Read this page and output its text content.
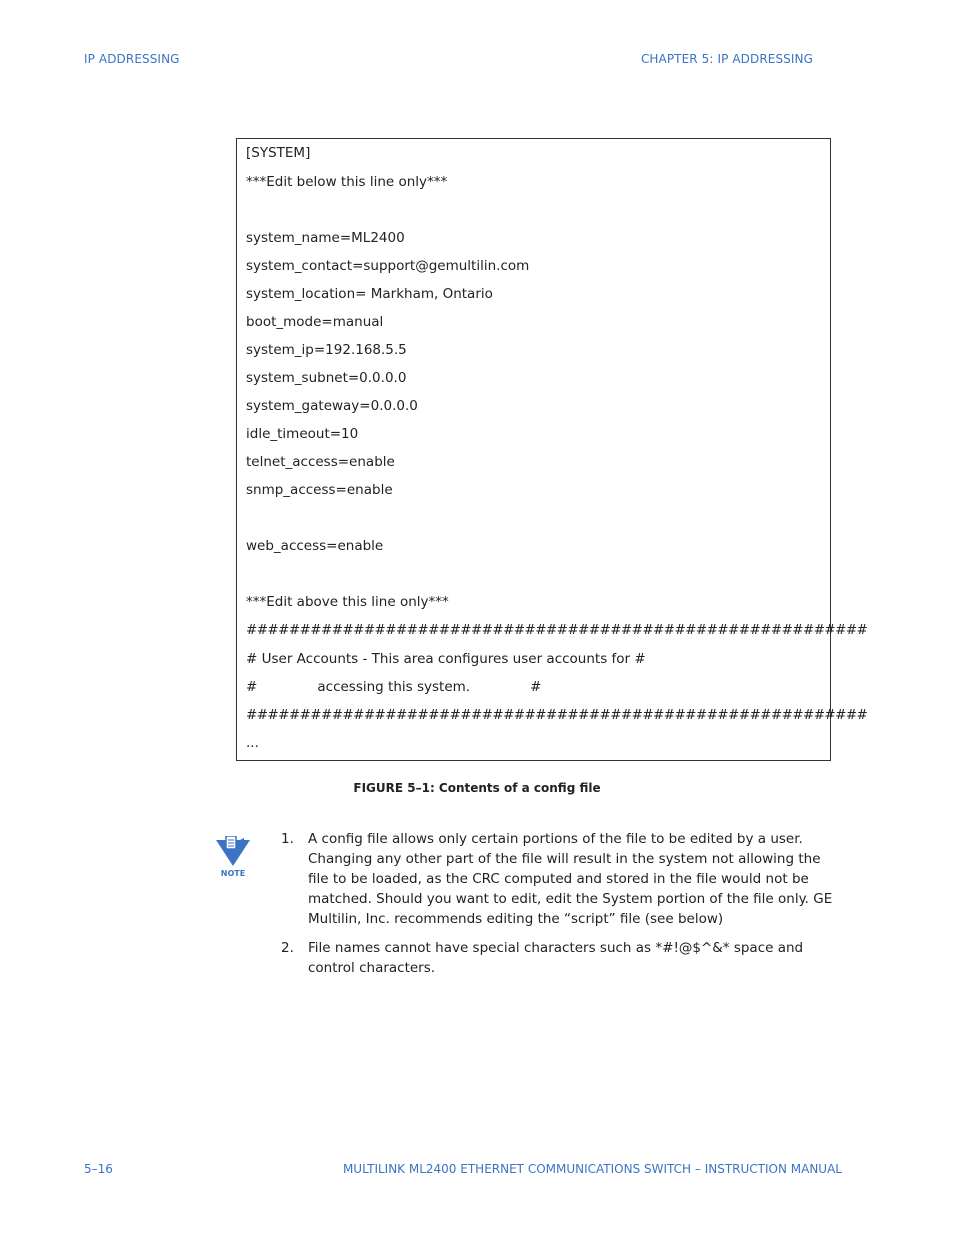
IP ADDRESSING	CHAPTER 5: IP ADDRESSING
[SYSTEM]
***Edit below this line only***
system_name=ML2400
system_contact=support@gemultilin.com
system_location= Markham, Ontario
boot_mode=manual
system_ip=192.168.5.5
system_subnet=0.0.0.0
system_gateway=0.0.0.0
idle_timeout=10
telnet_access=enable
snmp_access=enable
web_access=enable
***Edit above this line only***
##########################################################
# User Accounts - This area configures user accounts for #
#              accessing this system.              #
##########################################################
...
FIGURE 5–1: Contents of a config file
NOTE
1. A config file allows only certain portions of the file to be edited by a user. Changing any other part of the file will result in the system not allowing the file to be loaded, as the CRC computed and stored in the file would not be matched. Should you want to edit, edit the System portion of the file only. GE Multilin, Inc. recommends editing the “script” file (see below)
2. File names cannot have special characters such as *#!@$^&* space and control characters.
5–16	MULTILINK ML2400 ETHERNET COMMUNICATIONS SWITCH – INSTRUCTION MANUAL
